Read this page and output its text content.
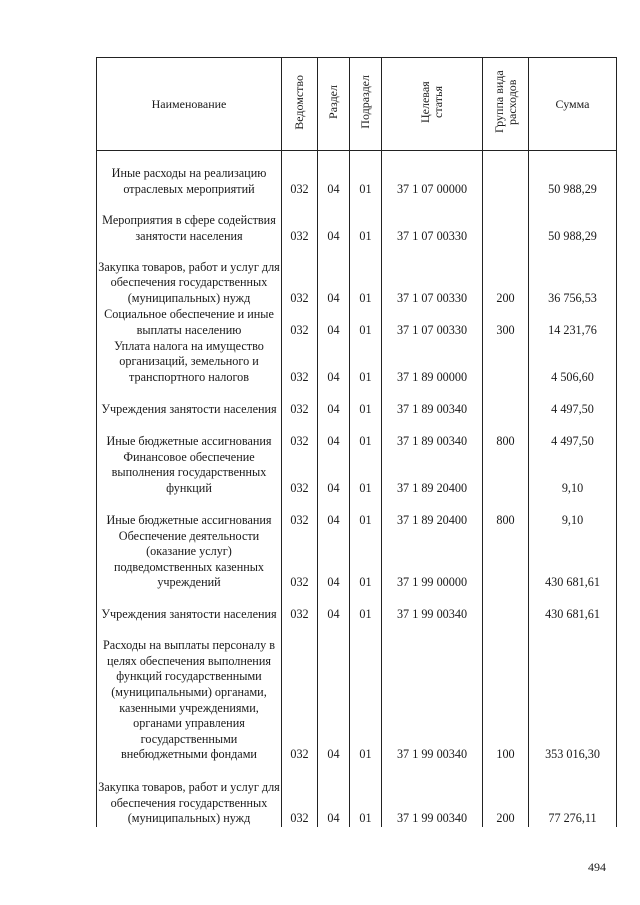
Наименование	Ведомство	Раздел	Подраздел	Целевая статья	Группа вида расходов	Сумма
Иные расходы на реализацию отраслевых мероприятий	032	04	01	37 1 07 00000		50 988,29
Мероприятия в сфере содействия занятости населения	032	04	01	37 1 07 00330		50 988,29
Закупка товаров, работ и услуг для обеспечения государственных (муниципальных) нужд	032	04	01	37 1 07 00330	200	36 756,53
Социальное обеспечение и иные выплаты населению	032	04	01	37 1 07 00330	300	14 231,76
Уплата налога на имущество организаций, земельного и транспортного налогов	032	04	01	37 1 89 00000		4 506,60
Учреждения занятости населения	032	04	01	37 1 89 00340		4 497,50
Иные бюджетные ассигнования	032	04	01	37 1 89 00340	800	4 497,50
Финансовое обеспечение выполнения государственных функций	032	04	01	37 1 89 20400		9,10
Иные бюджетные ассигнования	032	04	01	37 1 89 20400	800	9,10
Обеспечение деятельности (оказание услуг) подведомственных казенных учреждений	032	04	01	37 1 99 00000		430 681,61
Учреждения занятости населения	032	04	01	37 1 99 00340		430 681,61
Расходы на выплаты персоналу в целях обеспечения выполнения функций государственными (муниципальными) органами, казенными учреждениями, органами управления государственными внебюджетными фондами	032	04	01	37 1 99 00340	100	353 016,30
Закупка товаров, работ и услуг для обеспечения государственных (муниципальных) нужд	032	04	01	37 1 99 00340	200	77 276,11
494
